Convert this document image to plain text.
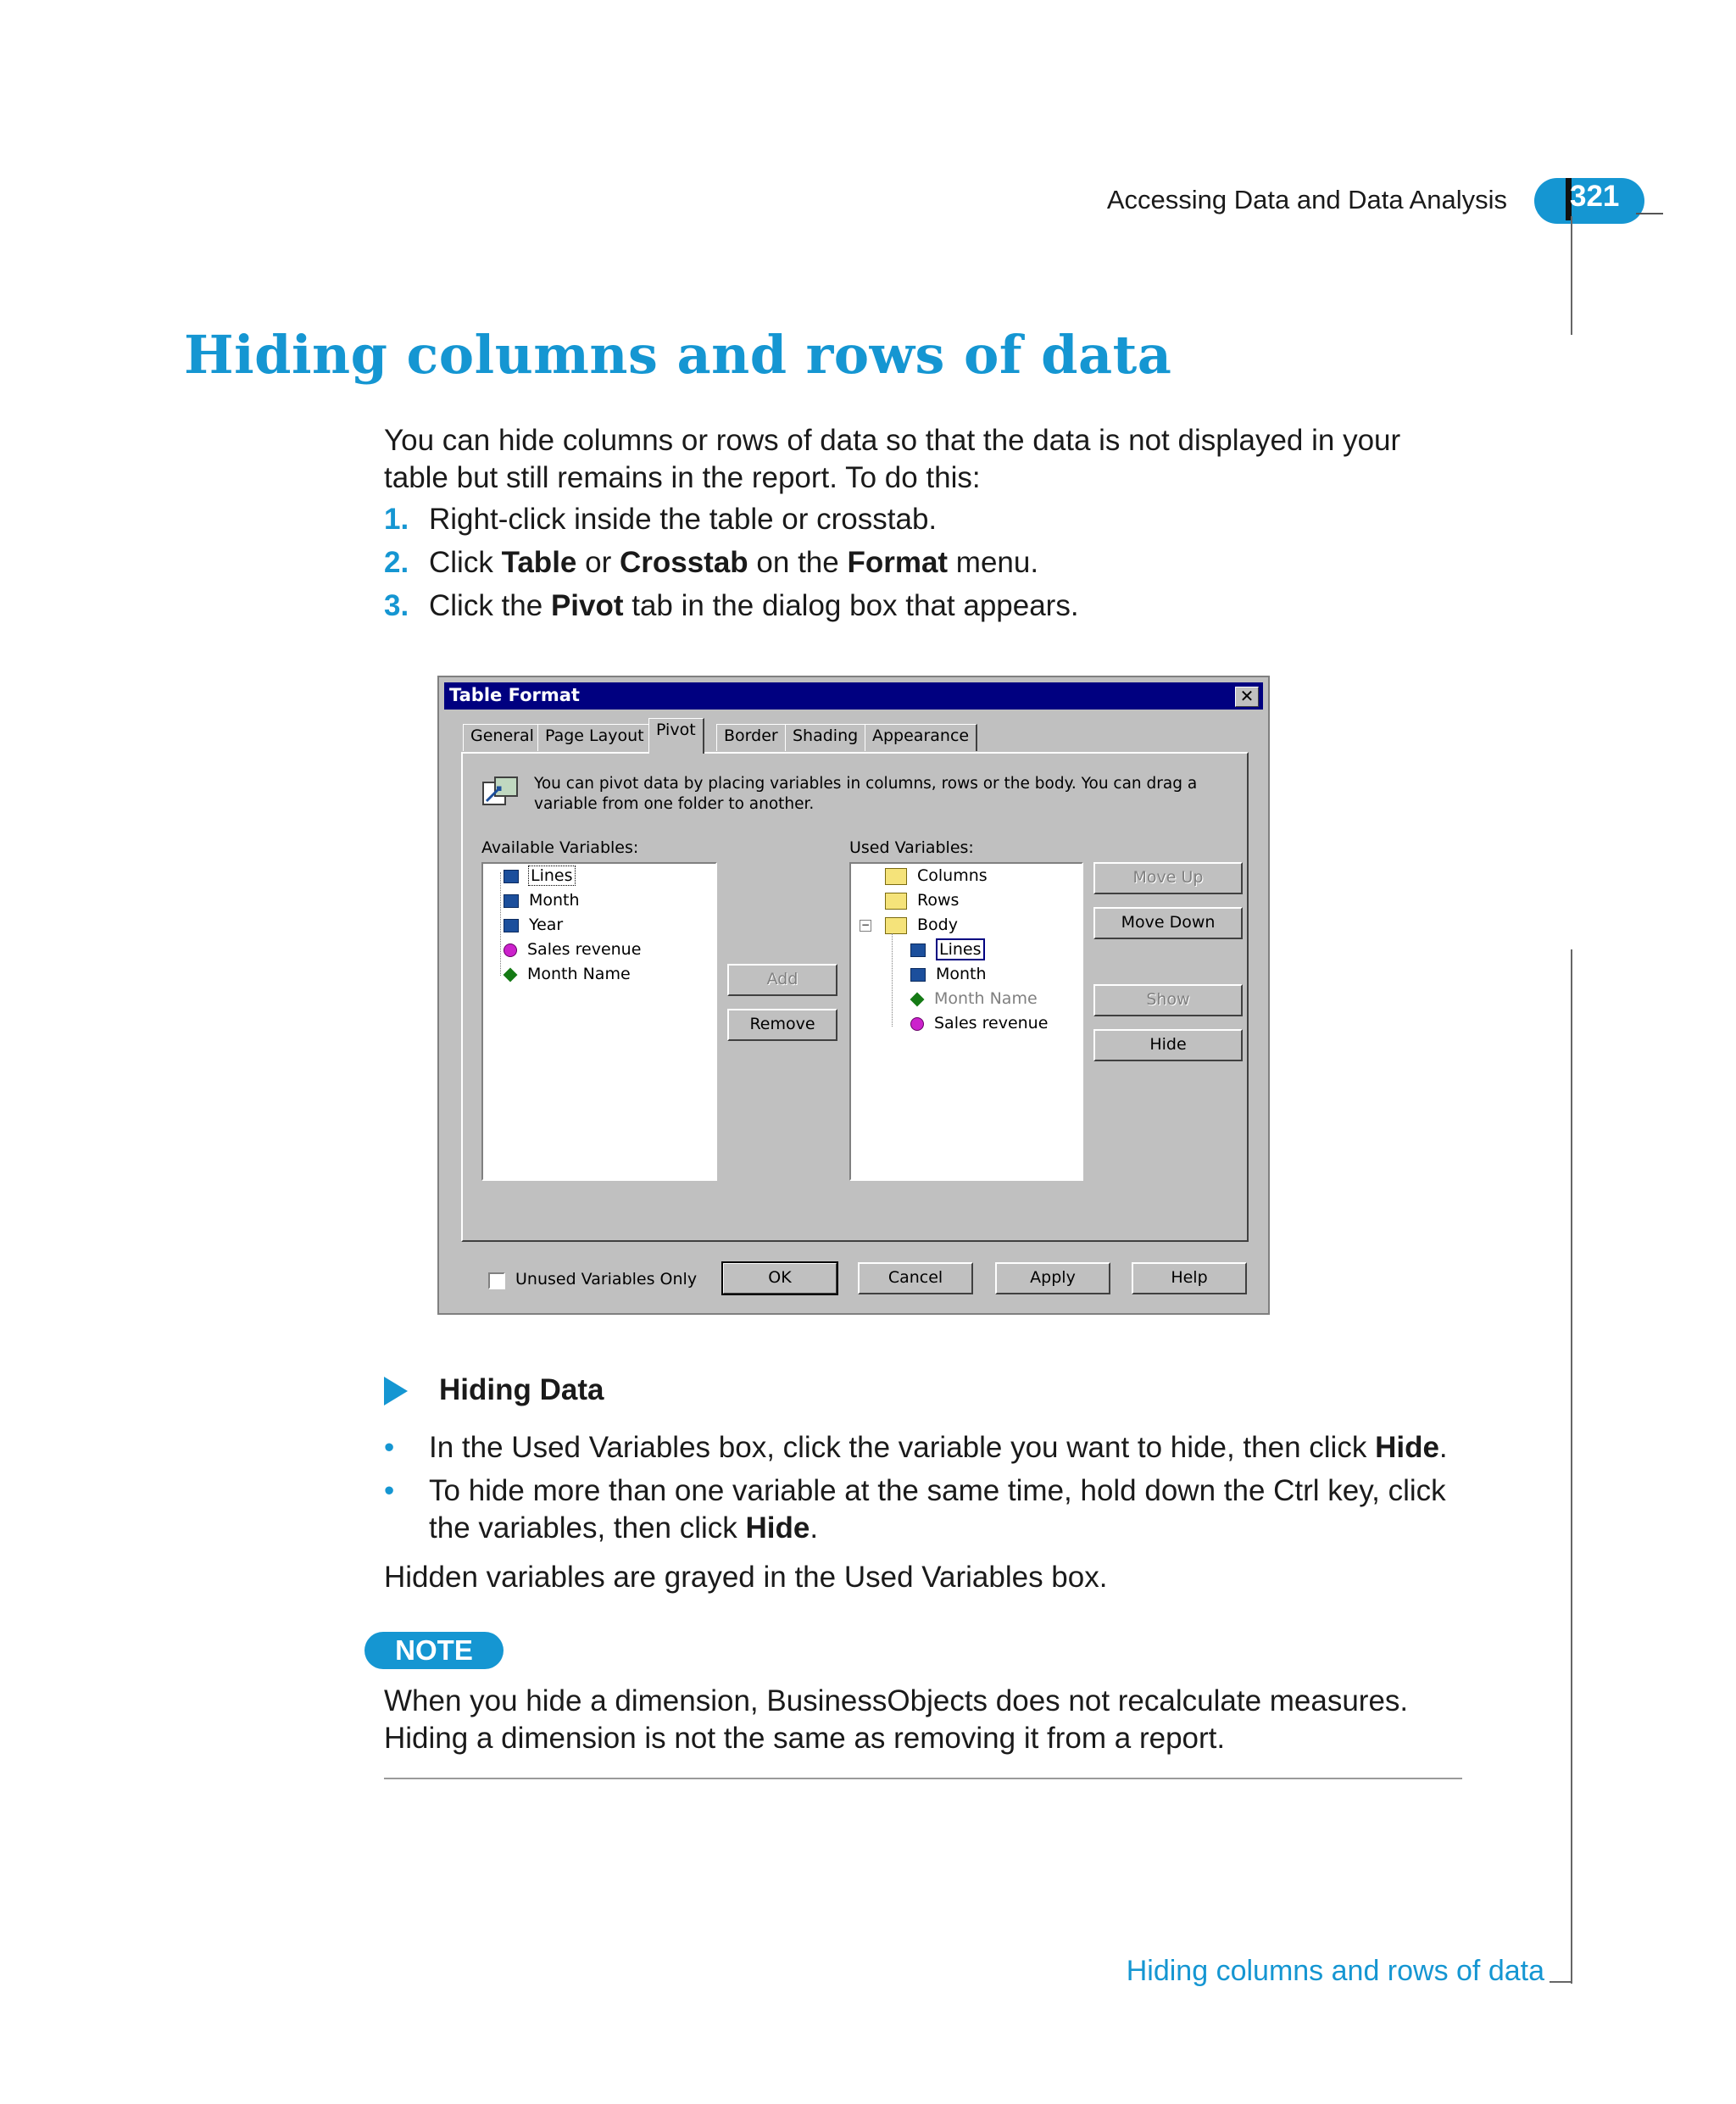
Accessing Data and Data Analysis 321
Hiding columns and rows of data
You can hide columns or rows of data so that the data is not displayed in your table but still remains in the report. To do this:
1. Right-click inside the table or crosstab.
2. Click Table or Crosstab on the Format menu.
3. Click the Pivot tab in the dialog box that appears.
Table Format	✕
General Page Layout Pivot	Border Shading Appearance
You can pivot data by placing variables in columns, rows or the body. You can drag a variable from one folder to another.
Available Variables:
Lines
Month
Year
Sales revenue
Month Name	Add
Remove
Used Variables:
Columns
Rows
−	Body
Lines
Month
Month Name
Sales revenue
Move Up
Move Down
Show
Hide
Unused Variables Only	OK	Cancel	Apply	Help
Hiding Data
• In the Used Variables box, click the variable you want to hide, then click Hide.
• To hide more than one variable at the same time, hold down the Ctrl key, click the variables, then click Hide.
Hidden variables are grayed in the Used Variables box.
NOTE
When you hide a dimension, BusinessObjects does not recalculate measures. Hiding a dimension is not the same as removing it from a report.
Hiding columns and rows of data
